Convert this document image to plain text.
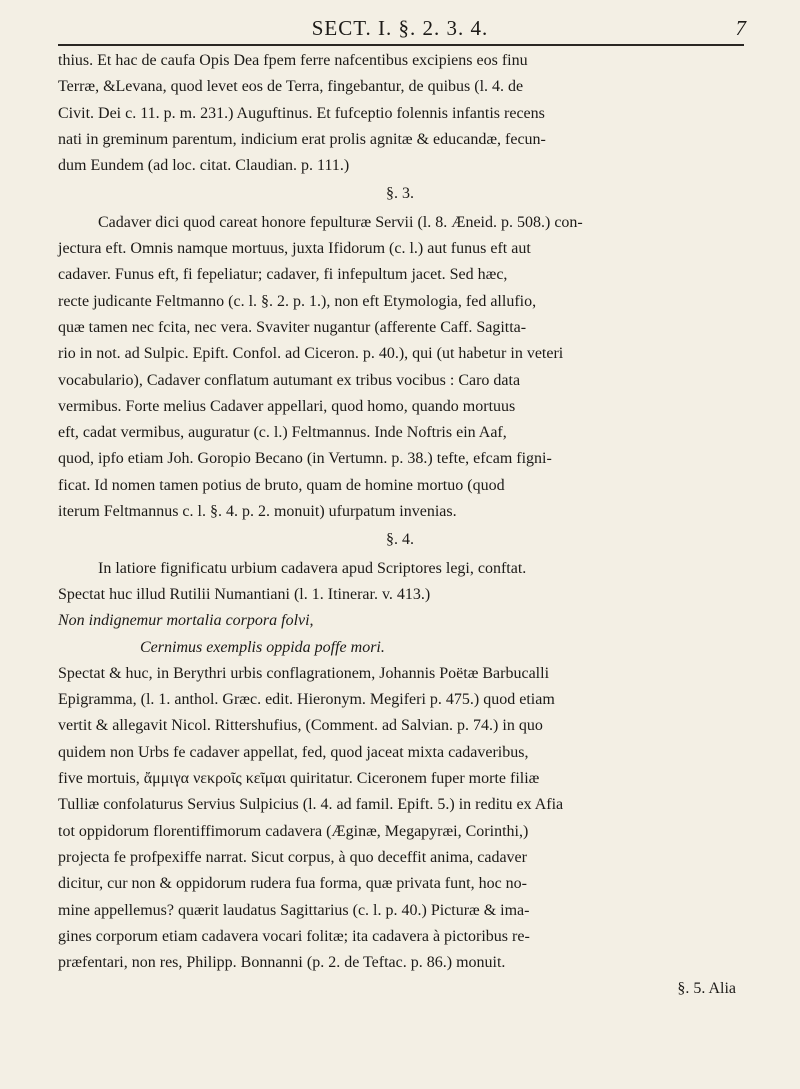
SECT. I. §. 2. 3. 4.	7

thius. Et hac de caufa Opis Dea fpem ferre nafcentibus excipiens eos finu

Terræ, &Levana, quod levet eos de Terra, fingebantur, de quibus (l. 4. de

Civit. Dei c. 11. p. m. 231.) Auguftinus. Et fufceptio folennis infantis recens

nati in greminum parentum, indicium erat prolis agnitæ & educandæ, fecun-

dum Eundem (ad loc. citat. Claudian. p. 111.)

§. 3.

Cadaver dici quod careat honore fepulturæ Servii (l. 8. Æneid. p. 508.) con-

jectura eft. Omnis namque mortuus, juxta Ifidorum (c. l.) aut funus eft aut

cadaver. Funus eft, fi fepeliatur; cadaver, fi infepultum jacet. Sed hæc,

recte judicante Feltmanno (c. l. §. 2. p. 1.), non eft Etymologia, fed allufio,

quæ tamen nec fcita, nec vera. Svaviter nugantur (afferente Caff. Sagitta-

rio in not. ad Sulpic. Epift. Confol. ad Ciceron. p. 40.), qui (ut habetur in veteri

vocabulario), Cadaver conflatum autumant ex tribus vocibus : Caro data

vermibus. Forte melius Cadaver appellari, quod homo, quando mortuus

eft, cadat vermibus, auguratur (c. l.) Feltmannus. Inde Noftris ein Aaf,

quod, ipfo etiam Joh. Goropio Becano (in Vertumn. p. 38.) tefte, efcam figni-

ficat. Id nomen tamen potius de bruto, quam de homine mortuo (quod

iterum Feltmannus c. l. §. 4. p. 2. monuit) ufurpatum invenias.

§. 4.

In latiore fignificatu urbium cadavera apud Scriptores legi, conftat.

Spectat huc illud Rutilii Numantiani (l. 1. Itinerar. v. 413.)

Non indignemur mortalia corpora folvi,

Cernimus exemplis oppida poffe mori.

Spectat & huc, in Berythri urbis conflagrationem, Johannis Poëtæ Barbucalli

Epigramma, (l. 1. anthol. Græc. edit. Hieronym. Megiferi p. 475.) quod etiam

vertit & allegavit Nicol. Rittershufius, (Comment. ad Salvian. p. 74.) in quo

quidem non Urbs fe cadaver appellat, fed, quod jaceat mixta cadaveribus,

five mortuis, ἄμμιγα νεκροῖς κεῖμαι quiritatur. Ciceronem fuper morte filiæ

Tulliæ confolaturus Servius Sulpicius (l. 4. ad famil. Epift. 5.) in reditu ex Afia

tot oppidorum florentiffimorum cadavera (Æginæ, Megapyræi, Corinthi,)

projecta fe profpexiffe narrat. Sicut corpus, à quo deceffit anima, cadaver

dicitur, cur non & oppidorum rudera fua forma, quæ privata funt, hoc no-

mine appellemus? quærit laudatus Sagittarius (c. l. p. 40.) Picturæ & ima-

gines corporum etiam cadavera vocari folitæ; ita cadavera à pictoribus re-

præfentari, non res, Philipp. Bonnanni (p. 2. de Teftac. p. 86.) monuit.

§. 5. Alia
